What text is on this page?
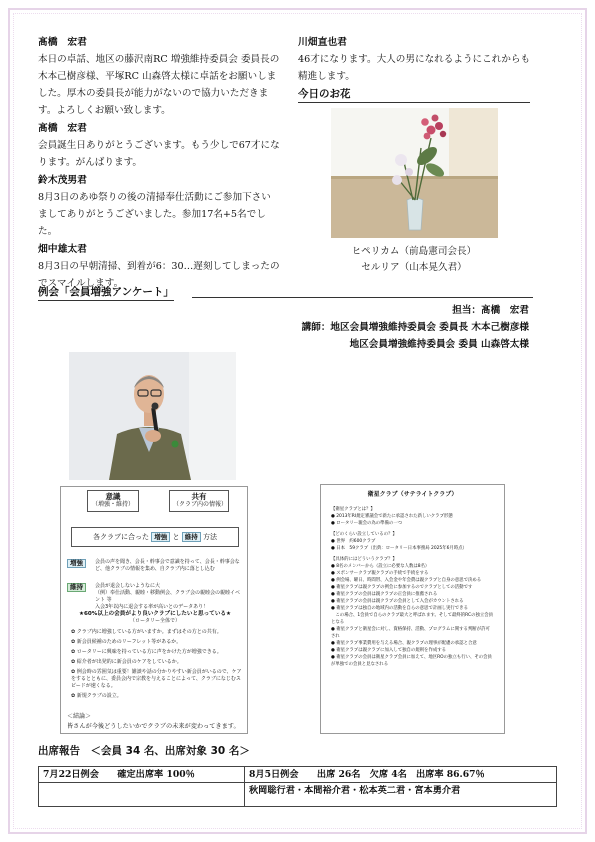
髙橋　宏君
本日の卓話、地区の藤沢南RC 増強維持委員会 委員長の木本己樹彦様、平塚RC 山森啓太様に卓話をお願いしました。厚木の委員長が能力がないので協力いただきます。よろしくお願い致します。
髙橋　宏君
会員誕生日ありがとうございます。もう少しで67才になります。がんばります。
鈴木茂男君
8月3日のあゆ祭りの後の清掃奉仕活動にご参加下さいましてありがとうございました。参加17名+5名でした。
畑中雄太君
8月3日の早朝清掃、到着が6：30…遅刻してしまったのでスマイルします。
川畑直也君
46才になります。大人の男になれるようにこれからも精進します。
今日のお花
ヒペリカム（前島憲司会長）
セルリア（山本晃久君）
例会「会員増強アンケート」
担当：髙橋　宏君
講師：地区会員増強維持委員会 委員長 木本己樹彦様
地区会員増強維持委員会 委員 山森啓太様
意識
（増強・維持）
共有
（クラブ内の情報）
各クラブに合った 増強 と 維持 方法
増強 会員の声を聞き、会長・幹事会で意識を持って、会長・幹事会など、他クラブの情報を集め、自クラブ内に落とし込む
維持 会員が退会しないようなに大
（例）奉仕活動、親睦・移動例会、クラブ会の親睦会の親睦イベント 等
入会3年以内に退会する率が高いとのデータあり！
★60%以上の会員がより良いクラブにしたいと思っている★
（ロータリー全体で）
✿ クラブ内に増強している方がいますか。まずはその方との共有。
✿ 新会員候補のためのリーフレット等があるか。
✿ ロータリーに興味を持っている方に声をかけた方が増強できる。
✿ 紹介者が出発的に新会員のケアをしているか。
✿ 例会時の雰囲気は重要！雑談や話の分かりやすい新会員がいるので、ケアをするとともに、委員会内で宗教を与えることによって、クラブになじむスピードが速くなる。
✿ 新規クラブの設立。
＜結論＞
皆さんが今後どうしたいかでクラブの未来が変わってきます。
衛星クラブ（サテライトクラブ）
【衛星クラブとは？】
● 2013年RI規定審議会で新たに承認された新しいクラブ形態
● ロータリー親会の為の準備の一つ
【どのくらい設立しているの？】
● 世界　約600クラブ
● 日本　59クラブ（出典：ロータリー日本事務局 2025年6月時点）
【具体的にはどういうクラブ？】
● 8名のメンバーから（設立に必要な人数は8名）
● スポンサークラブ親クラブの手続で手続をする
● 例会場、曜日、時間帯、入会金や年会費は親クラブと自身の意思で決める
● 衛星クラブは親クラブの例会に参加するのでクラブとしての活動です
● 衛星クラブの会員は親クラブの正会員に推薦される
● 衛星クラブの会員は親クラブの会員として入会がカウントされる
● 衛星クラブは独自の地域内の活動を自らの意思で計画し実行できる
　この場合、1会員で自らのクラブ最大と呼ばれます。そして最終的RCの独立会員となる
● 衛星クラブと衛星会に対し、資格保持、活動、プログラムに関する判断が許可され
● 衛星クラブ事業費用を与える場合、親クラブの理事が配慮の承認と合意
● 衛星クラブは親クラブに加入して独自の規則を作成する
● 衛星クラブの会員は衛星クラブ会員に加えて、地区ROの独立も行い、その会員が単独での会員と見なされる
出席報告　＜会員 34 名、出席対象 30 名＞
7月22日例会　　確定出席率 100％	8月5日例会　　出席 26名　欠席 4名　出席率 86.67％
	秋岡聡行君・本間裕介君・松本英二君・宮本勇介君
